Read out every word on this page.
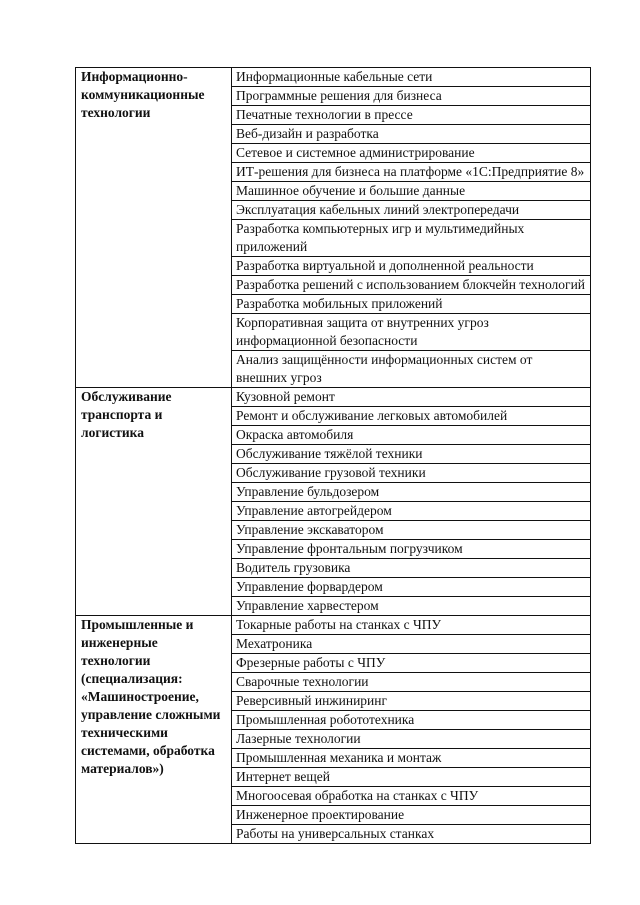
Информационно-коммуникационные технологии	Информационные кабельные сети
	Программные решения для бизнеса
	Печатные технологии в прессе
	Веб-дизайн и разработка
	Сетевое и системное администрирование
	ИТ-решения для бизнеса на платформе «1С:Предприятие 8»
	Машинное обучение и большие данные
	Эксплуатация кабельных линий электропередачи
	Разработка компьютерных игр и мультимедийных приложений
	Разработка виртуальной и дополненной реальности
	Разработка решений с использованием блокчейн технологий
	Разработка мобильных приложений
	Корпоративная защита от внутренних угроз информационной безопасности
	Анализ защищённости информационных систем от внешних угроз
Обслуживание транспорта и логистика	Кузовной ремонт
	Ремонт и обслуживание легковых автомобилей
	Окраска автомобиля
	Обслуживание тяжёлой техники
	Обслуживание грузовой техники
	Управление бульдозером
	Управление автогрейдером
	Управление экскаватором
	Управление фронтальным погрузчиком
	Водитель грузовика
	Управление форвардером
	Управление харвестером
Промышленные и инженерные технологии (специализация: «Машиностроение, управление сложными техническими системами, обработка материалов»)	Токарные работы на станках с ЧПУ
	Мехатроника
	Фрезерные работы с ЧПУ
	Сварочные технологии
	Реверсивный инжиниринг
	Промышленная робототехника
	Лазерные технологии
	Промышленная механика и монтаж
	Интернет вещей
	Многоосевая обработка на станках с ЧПУ
	Инженерное проектирование
	Работы на универсальных станках
